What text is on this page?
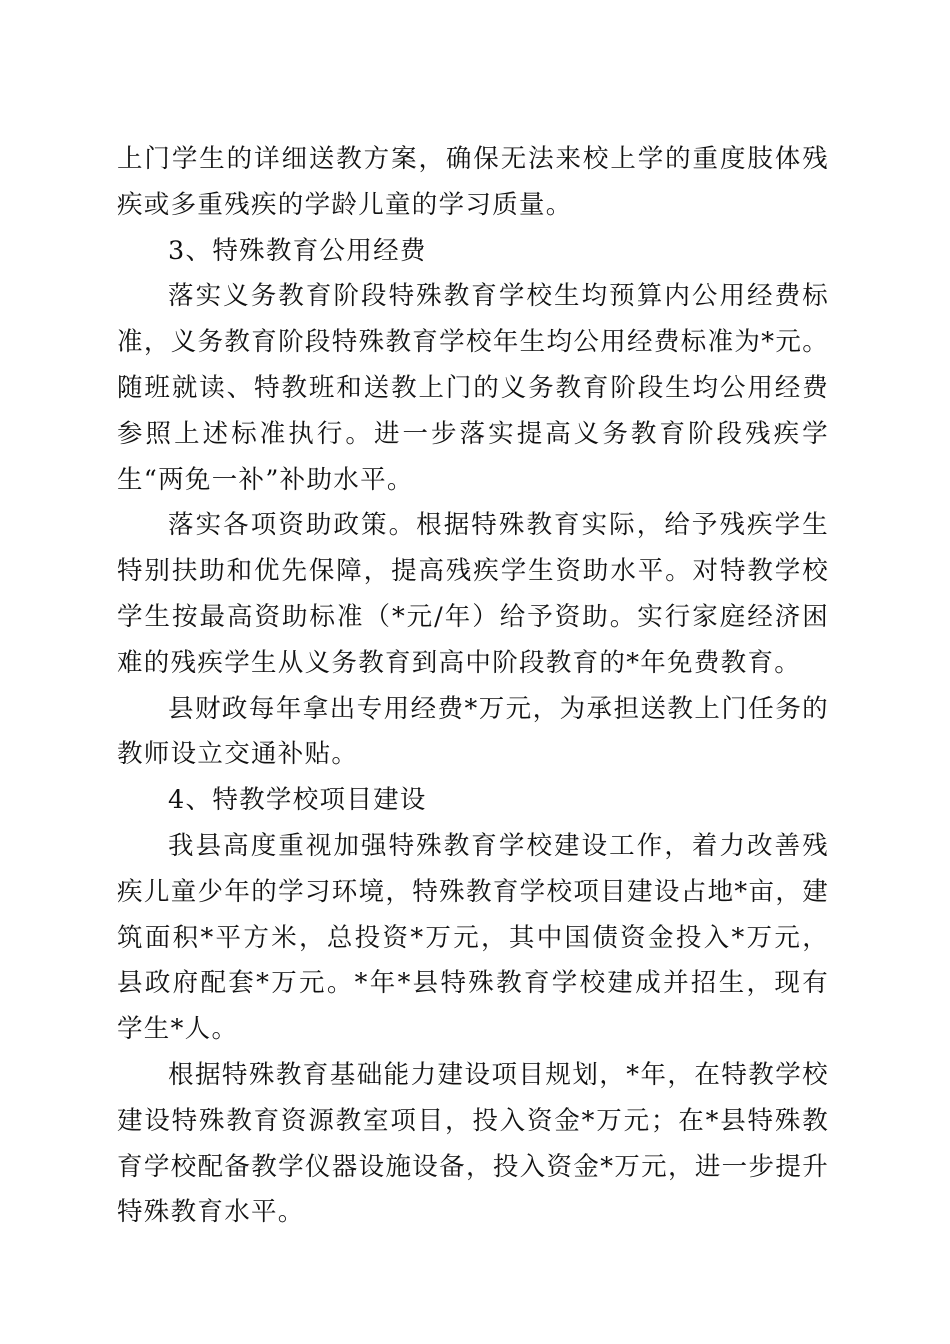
上门学生的详细送教方案，确保无法来校上学的重度肢体残疾或多重残疾的学龄儿童的学习质量。

3、特殊教育公用经费

落实义务教育阶段特殊教育学校生均预算内公用经费标准，义务教育阶段特殊教育学校年生均公用经费标准为*元。随班就读、特教班和送教上门的义务教育阶段生均公用经费参照上述标准执行。进一步落实提高义务教育阶段残疾学生“两免一补”补助水平。

落实各项资助政策。根据特殊教育实际，给予残疾学生特别扶助和优先保障，提高残疾学生资助水平。对特教学校学生按最高资助标准（*元/年）给予资助。实行家庭经济困难的残疾学生从义务教育到高中阶段教育的*年免费教育。

县财政每年拿出专用经费*万元，为承担送教上门任务的教师设立交通补贴。

4、特教学校项目建设

我县高度重视加强特殊教育学校建设工作，着力改善残疾儿童少年的学习环境，特殊教育学校项目建设占地*亩，建筑面积*平方米，总投资*万元，其中国债资金投入*万元，县政府配套*万元。*年*县特殊教育学校建成并招生，现有学生*人。

根据特殊教育基础能力建设项目规划，*年，在特教学校建设特殊教育资源教室项目，投入资金*万元；在*县特殊教育学校配备教学仪器设施设备，投入资金*万元，进一步提升特殊教育水平。
